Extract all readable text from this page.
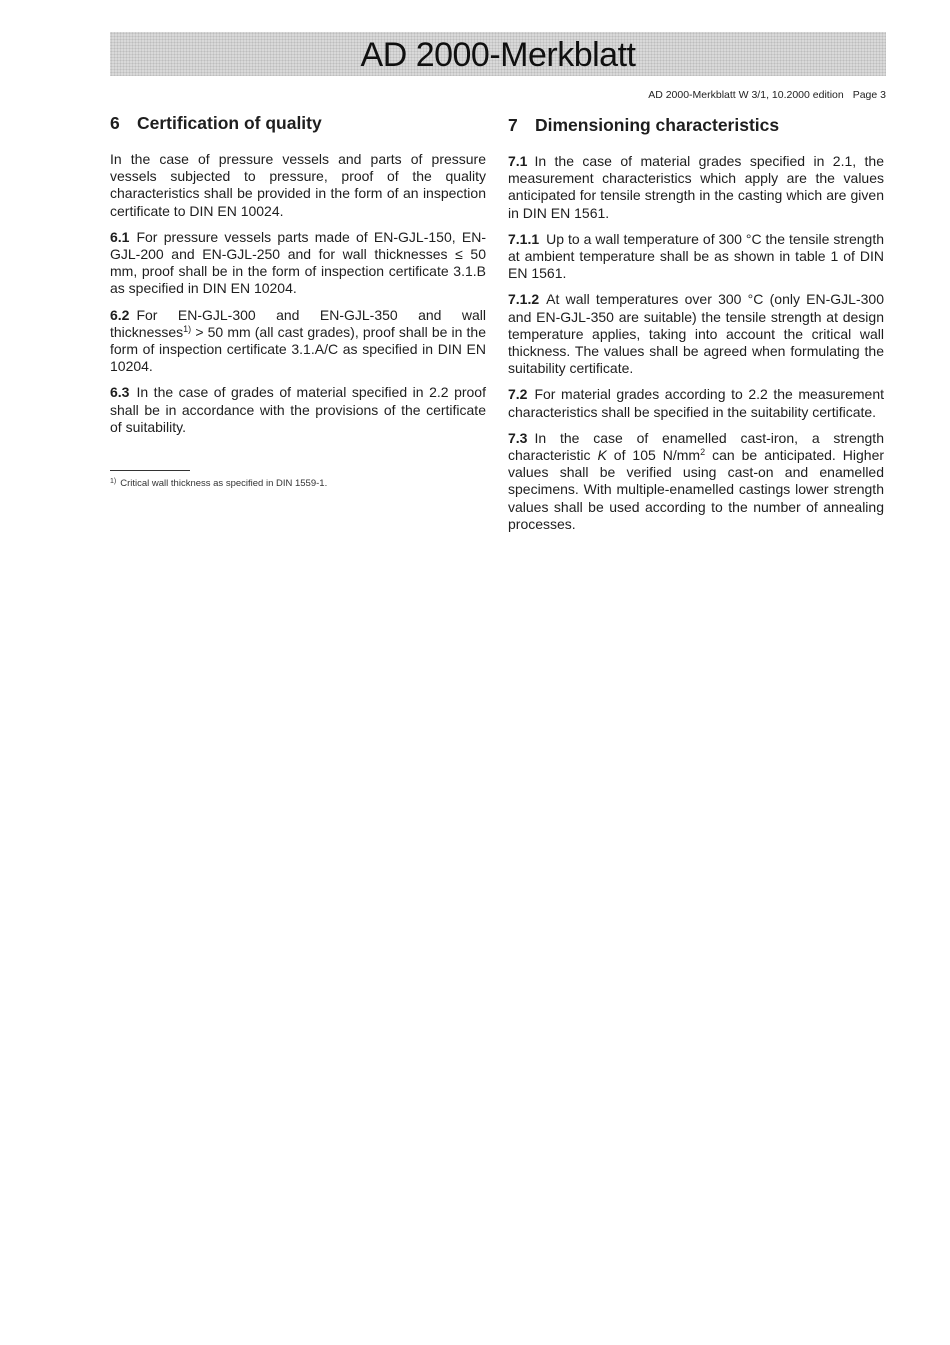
AD 2000-Merkblatt
AD 2000-Merkblatt W 3/1, 10.2000 edition Page 3
6 Certification of quality

In the case of pressure vessels and parts of pressure vessels subjected to pressure, proof of the quality characteristics shall be provided in the form of an inspection certificate to DIN EN 10024.

6.1 For pressure vessels parts made of EN-GJL-150, EN-GJL-200 and EN-GJL-250 and for wall thicknesses ≤ 50 mm, proof shall be in the form of inspection certificate 3.1.B as specified in DIN EN 10204.

6.2 For EN-GJL-300 and EN-GJL-350 and wall thicknesses$^{1)}$ > 50 mm (all cast grades), proof shall be in the form of inspection certificate 3.1.A/C as specified in DIN EN 10204.

6.3 In the case of grades of material specified in 2.2 proof shall be in accordance with the provisions of the certificate of suitability.

7 Dimensioning characteristics

7.1 In the case of material grades specified in 2.1, the measurement characteristics which apply are the values anticipated for tensile strength in the casting which are given in DIN EN 1561.

7.1.1 Up to a wall temperature of 300 °C the tensile strength at ambient temperature shall be as shown in table 1 of DIN EN 1561.

7.1.2 At wall temperatures over 300 °C (only EN-GJL-300 and EN-GJL-350 are suitable) the tensile strength at design temperature applies, taking into account the critical wall thickness. The values shall be agreed when formulating the suitability certificate.

7.2 For material grades according to 2.2 the measurement characteristics shall be specified in the suitability certificate.

7.3 In the case of enamelled cast-iron, a strength characteristic K of 105 $N/mm^2$ can be anticipated. Higher values shall be verified using cast-on and enamelled specimens. With multiple-enamelled castings lower strength values shall be used according to the number of annealing processes.

$^{1)}$ Critical wall thickness as specified in DIN 1559-1.
